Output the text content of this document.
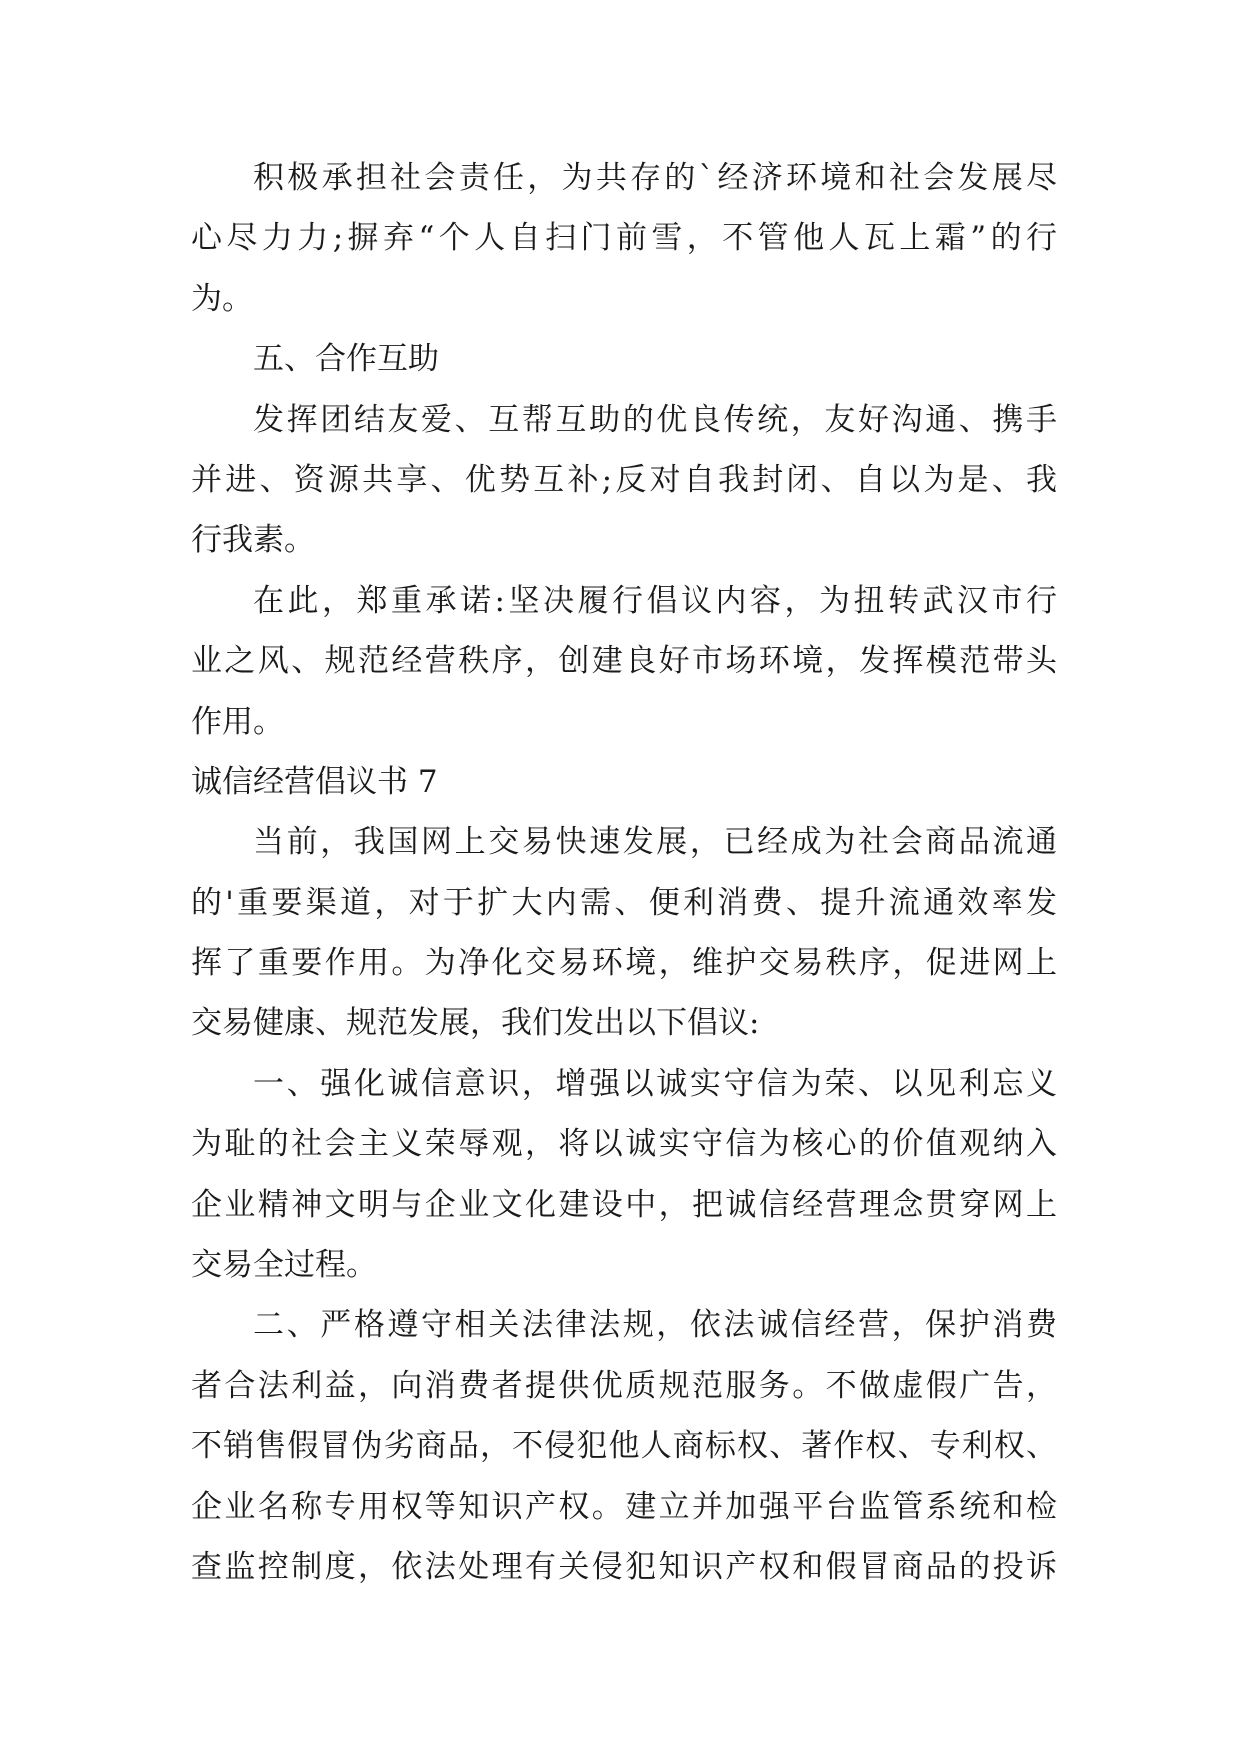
积极承担社会责任，为共存的`经济环境和社会发展尽
心尽力力;摒弃“个人自扫门前雪，不管他人瓦上霜”的行
为。
五、合作互助
发挥团结友爱、互帮互助的优良传统，友好沟通、携手
并进、资源共享、优势互补;反对自我封闭、自以为是、我
行我素。
在此，郑重承诺:坚决履行倡议内容，为扭转武汉市行
业之风、规范经营秩序，创建良好市场环境，发挥模范带头
作用。
诚信经营倡议书 7
当前，我国网上交易快速发展，已经成为社会商品流通
的'重要渠道，对于扩大内需、便利消费、提升流通效率发
挥了重要作用。为净化交易环境，维护交易秩序，促进网上
交易健康、规范发展，我们发出以下倡议:
一、强化诚信意识，增强以诚实守信为荣、以见利忘义
为耻的社会主义荣辱观，将以诚实守信为核心的价值观纳入
企业精神文明与企业文化建设中，把诚信经营理念贯穿网上
交易全过程。
二、严格遵守相关法律法规，依法诚信经营，保护消费
者合法利益，向消费者提供优质规范服务。不做虚假广告，
不销售假冒伪劣商品，不侵犯他人商标权、著作权、专利权、
企业名称专用权等知识产权。建立并加强平台监管系统和检
查监控制度，依法处理有关侵犯知识产权和假冒商品的投诉
